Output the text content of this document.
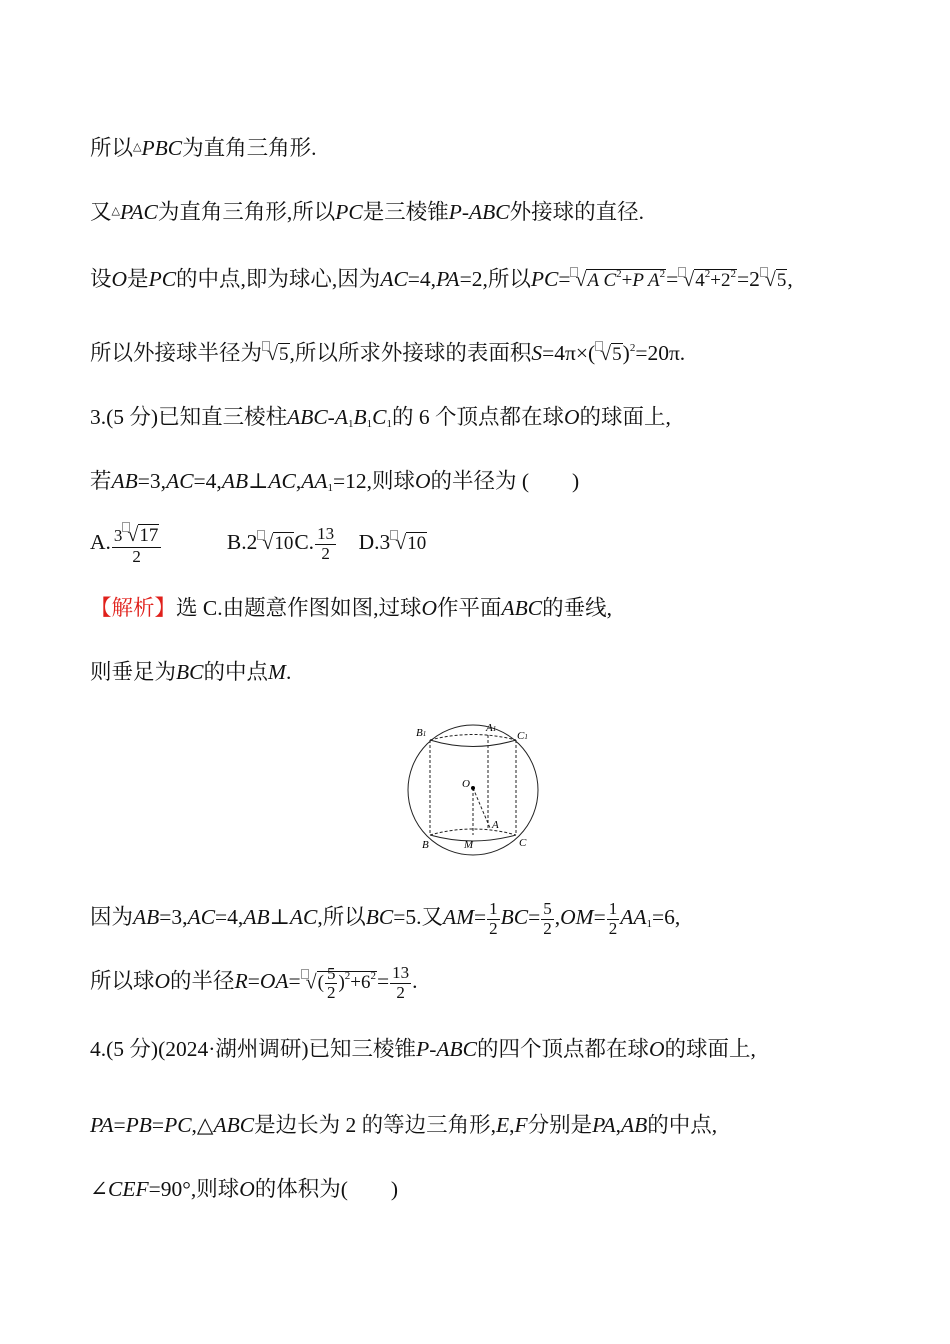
所以△PBC为直角三角形.
又△PAC为直角三角形,所以PC是三棱锥P-ABC外接球的直径.
设O是PC的中点,即为球心,因为AC=4,PA=2,所以PC= √A $C^2+P$ $A^2= √4^2+2^2=2$ √5,
所以外接球半径为 √5,所以所求外接球的表面积S=4π×( √5)$^2$=20π.
3.(5 分)已知直三棱柱ABC-$A_1B_1C_1$的 6 个顶点都在球O的球面上,
若$AB=3,AC=4,AB\perp AC,AA_1=12$,则球O的半径为 (　　)
A. $\frac{3 √17}{2}$ 　　　B.2 √10C. $\frac{13}{2}$ 　D.3 √10
【解析】选 C.由题意作图如图,过球O作平面ABC的垂线,
则垂足为BC的中点M.
B1	A1
C1
O
A
B	M	C
因为AB=3,AC=4,AB⊥AC,所以BC=5.又$AM= \frac{1}{2} BC= \frac{5}{2} ,OM= \frac{1}{2} AA_1=6$,
所以球O的半径R=OA= √( $\frac{5}{2} )^2+6^2= \frac{13}{2}$ .
4.(5 分)(2024·湖州调研)已知三棱锥P-ABC的四个顶点都在球O的球面上,
PA=PB=PC,△ABC是边长为 2 的等边三角形,E,F分别是PA,AB的中点,
∠CEF=90°,则球O的体积为(　　)
